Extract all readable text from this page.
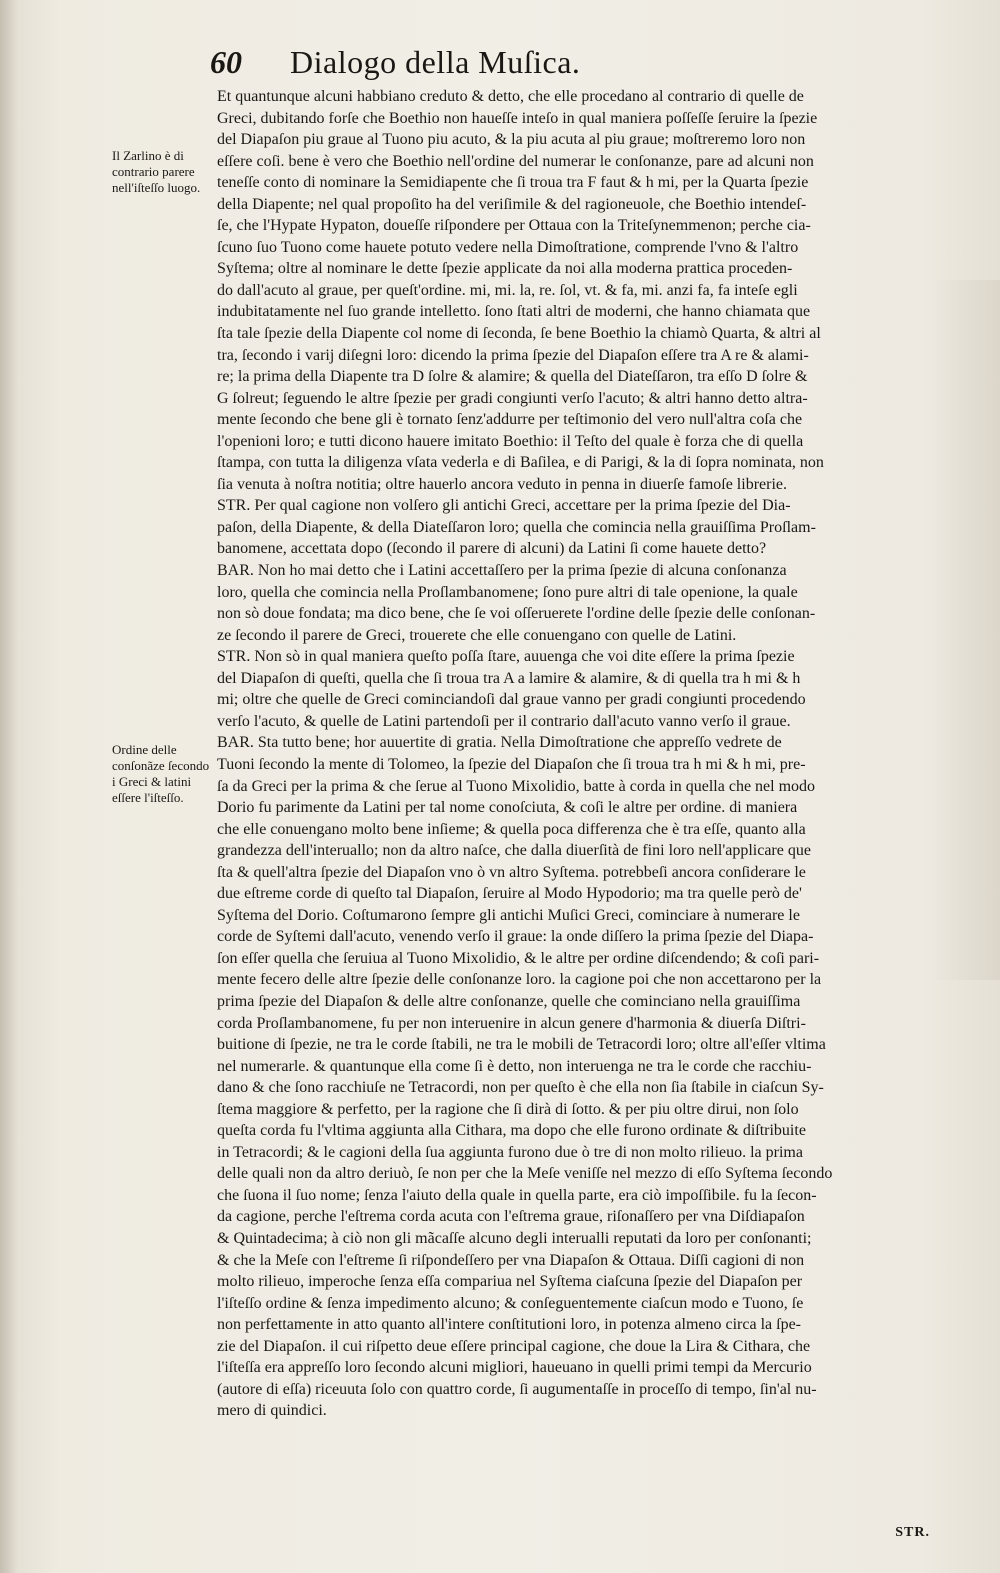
60 Dialogo della Muſica.
Il Zarlino è di contrario parere nell'iſteſſo luogo.
Ordine delle conſonãze ſecondo i Greci & latini eſſere l'iſteſſo.
Et quantunque alcuni habbiano creduto & detto, che elle procedano al contrario di quelle de
Greci, dubitando forſe che Boethio non haueſſe inteſo in qual maniera poſſeſſe ſeruire la ſpezie
del Diapaſon piu graue al Tuono piu acuto, & la piu acuta al piu graue; moſtreremo loro non
eſſere coſi. bene è vero che Boethio nell'ordine del numerar le conſonanze, pare ad alcuni non
teneſſe conto di nominare la Semidiapente che ſi troua tra F faut & h mi, per la Quarta ſpezie
della Diapente; nel qual propoſito ha del veriſimile & del ragioneuole, che Boethio intendeſ-
ſe, che l'Hypate Hypaton, doueſſe riſpondere per Ottaua con la Triteſynemmenon; perche cia-
ſcuno ſuo Tuono come hauete potuto vedere nella Dimoſtratione, comprende l'vno & l'altro
Syſtema; oltre al nominare le dette ſpezie applicate da noi alla moderna prattica proceden-
do dall'acuto al graue, per queſt'ordine. mi, mi. la, re. ſol, vt. & fa, mi. anzi fa, fa inteſe egli
indubitatamente nel ſuo grande intelletto. ſono ſtati altri de moderni, che hanno chiamata que
ſta tale ſpezie della Diapente col nome di ſeconda, ſe bene Boethio la chiamò Quarta, & altri al
tra, ſecondo i varij diſegni loro: dicendo la prima ſpezie del Diapaſon eſſere tra A re & alami-
re; la prima della Diapente tra D ſolre & alamire; & quella del Diateſſaron, tra eſſo D ſolre &
G ſolreut; ſeguendo le altre ſpezie per gradi congiunti verſo l'acuto; & altri hanno detto altra-
mente ſecondo che bene gli è tornato ſenz'addurre per teſtimonio del vero null'altra coſa che
l'openioni loro; e tutti dicono hauere imitato Boethio: il Teſto del quale è forza che di quella
ſtampa, con tutta la diligenza vſata vederla e di Baſilea, e di Parigi, & la di ſopra nominata, non
ſia venuta à noſtra notitia; oltre hauerlo ancora veduto in penna in diuerſe famoſe librerie.
STR. Per qual cagione non volſero gli antichi Greci, accettare per la prima ſpezie del Dia-
paſon, della Diapente, & della Diateſſaron loro; quella che comincia nella grauiſſima Proſlam-
banomene, accettata dopo (ſecondo il parere di alcuni) da Latini ſi come hauete detto?
BAR. Non ho mai detto che i Latini accettaſſero per la prima ſpezie di alcuna conſonanza
loro, quella che comincia nella Proſlambanomene; ſono pure altri di tale openione, la quale
non sò doue fondata; ma dico bene, che ſe voi oſſeruerete l'ordine delle ſpezie delle conſonan-
ze ſecondo il parere de Greci, trouerete che elle conuengano con quelle de Latini.
STR. Non sò in qual maniera queſto poſſa ſtare, auuenga che voi dite eſſere la prima ſpezie
del Diapaſon di queſti, quella che ſi troua tra A a lamire & alamire, & di quella tra h mi & h
mi; oltre che quelle de Greci cominciandoſi dal graue vanno per gradi congiunti procedendo
verſo l'acuto, & quelle de Latini partendoſi per il contrario dall'acuto vanno verſo il graue.
BAR. Sta tutto bene; hor auuertite di gratia. Nella Dimoſtratione che appreſſo vedrete de
Tuoni ſecondo la mente di Tolomeo, la ſpezie del Diapaſon che ſi troua tra h mi & h mi, pre-
ſa da Greci per la prima & che ſerue al Tuono Mixolidio, batte à corda in quella che nel modo
Dorio fu parimente da Latini per tal nome conoſciuta, & coſi le altre per ordine. di maniera
che elle conuengano molto bene inſieme; & quella poca differenza che è tra eſſe, quanto alla
grandezza dell'interuallo; non da altro naſce, che dalla diuerſità de fini loro nell'applicare que
ſta & quell'altra ſpezie del Diapaſon vno ò vn altro Syſtema. potrebbeſi ancora conſiderare le
due eſtreme corde di queſto tal Diapaſon, ſeruire al Modo Hypodorio; ma tra quelle però de'
Syſtema del Dorio. Coſtumarono ſempre gli antichi Muſici Greci, cominciare à numerare le
corde de Syſtemi dall'acuto, venendo verſo il graue: la onde diſſero la prima ſpezie del Diapa-
ſon eſſer quella che ſeruiua al Tuono Mixolidio, & le altre per ordine diſcendendo; & coſi pari-
mente fecero delle altre ſpezie delle conſonanze loro. la cagione poi che non accettarono per la
prima ſpezie del Diapaſon & delle altre conſonanze, quelle che cominciano nella grauiſſima
corda Proſlambanomene, fu per non interuenire in alcun genere d'harmonia & diuerſa Diſtri-
buitione di ſpezie, ne tra le corde ſtabili, ne tra le mobili de Tetracordi loro; oltre all'eſſer vltima
nel numerarle. & quantunque ella come ſi è detto, non interuenga ne tra le corde che racchiu-
dano & che ſono racchiuſe ne Tetracordi, non per queſto è che ella non ſia ſtabile in ciaſcun Sy-
ſtema maggiore & perfetto, per la ragione che ſi dirà di ſotto. & per piu oltre dirui, non ſolo
queſta corda fu l'vltima aggiunta alla Cithara, ma dopo che elle furono ordinate & diſtribuite
in Tetracordi; & le cagioni della ſua aggiunta furono due ò tre di non molto rilieuo. la prima
delle quali non da altro deriuò, ſe non per che la Meſe veniſſe nel mezzo di eſſo Syſtema ſecondo
che ſuona il ſuo nome; ſenza l'aiuto della quale in quella parte, era ciò impoſſibile. fu la ſecon-
da cagione, perche l'eſtrema corda acuta con l'eſtrema graue, riſonaſſero per vna Diſdiapaſon
& Quintadecima; à ciò non gli mãcaſſe alcuno degli interualli reputati da loro per conſonanti;
& che la Meſe con l'eſtreme ſi riſpondeſſero per vna Diapaſon & Ottaua. Diſſi cagioni di non
molto rilieuo, imperoche ſenza eſſa compariua nel Syſtema ciaſcuna ſpezie del Diapaſon per
l'iſteſſo ordine & ſenza impedimento alcuno; & conſeguentemente ciaſcun modo e Tuono, ſe
non perfettamente in atto quanto all'intere conſtitutioni loro, in potenza almeno circa la ſpe-
zie del Diapaſon. il cui riſpetto deue eſſere principal cagione, che doue la Lira & Cithara, che
l'iſteſſa era appreſſo loro ſecondo alcuni migliori, haueuano in quelli primi tempi da Mercurio
(autore di eſſa) riceuuta ſolo con quattro corde, ſi augumentaſſe in proceſſo di tempo, ſin'al nu-
mero di quindici.
STR.
